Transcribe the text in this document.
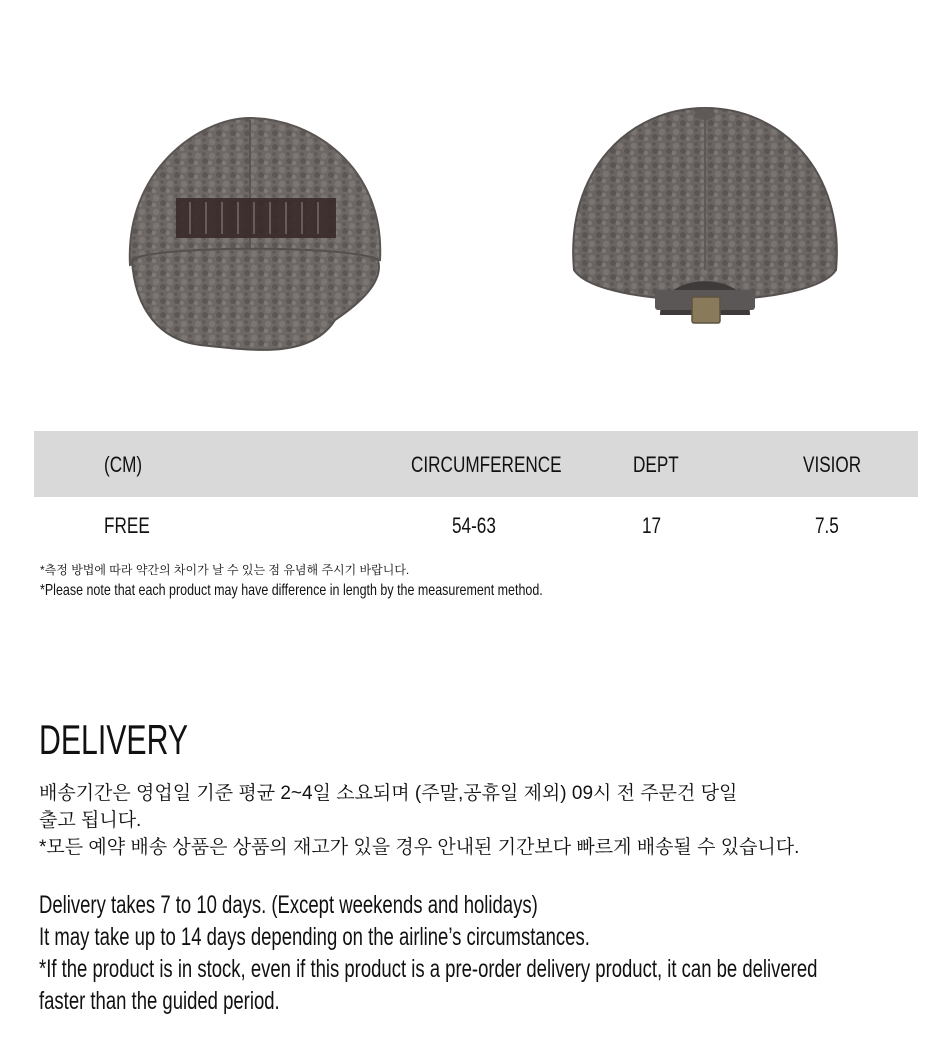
(CM)	CIRCUMFERENCE	DEPT	VISIOR
FREE	54-63	17	7.5
*측정 방법에 따라 약간의 차이가 날 수 있는 점 유념해 주시기 바랍니다.
*Please note that each product may have difference in length by the measurement method.
DELIVERY
배송기간은 영업일 기준 평균 2~4일 소요되며 (주말,공휴일 제외) 09시 전 주문건 당일
출고 됩니다.
*모든 예약 배송 상품은 상품의 재고가 있을 경우 안내된 기간보다 빠르게 배송될 수 있습니다.
Delivery takes 7 to 10 days. (Except weekends and holidays)
It may take up to 14 days depending on the airline’s circumstances.
*If the product is in stock, even if this product is a pre-order delivery product, it can be delivered
faster than the guided period.
